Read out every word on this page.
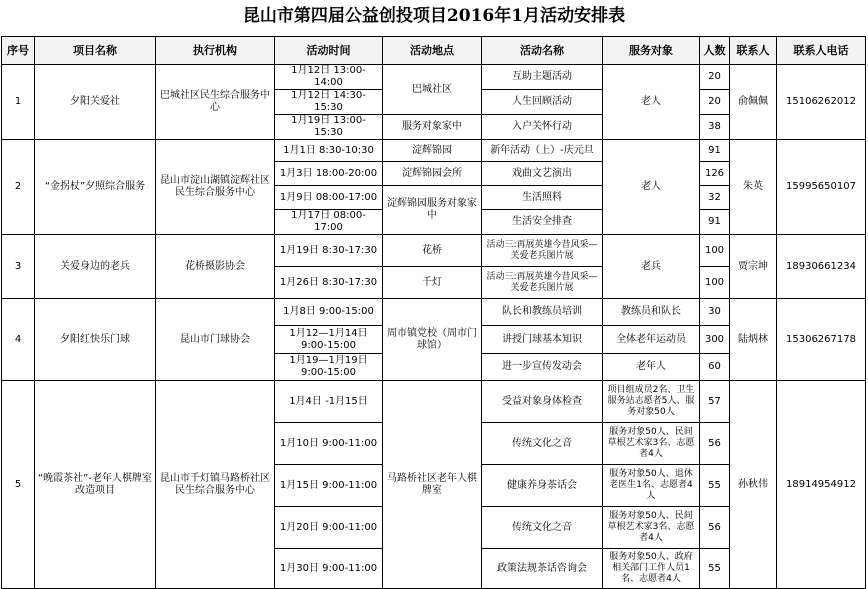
昆山市第四届公益创投项目2016年1月活动安排表
序号	项目名称	执行机构	活动时间	活动地点	活动名称	服务对象	人数	联系人	联系人电话
1	夕阳关爱社	巴城社区民生综合服务中心	1月12日 13:00-14:00	巴城社区	互助主题活动	老人	20	俞佩佩	15106262012
			1月12日 14:30-15:30		人生回顾活动		20		
			1月19日 13:00-15:30	服务对象家中	入户关怀行动		38		
2	“金拐杖”夕照综合服务	昆山市淀山湖镇淀辉社区民生综合服务中心	1月1日 8:30-10:30	淀辉锦园	新年活动（上）-庆元旦	老人	91	朱英	15995650107
			1月3日 18:00-20:00	淀辉锦园会所	戏曲文艺演出		126		
			1月9日 08:00-17:00	淀辉锦园服务对象家中	生活照料		32		
			1月17日 08:00-17:00		生活安全排查		91		
3	关爱身边的老兵	花桥摄影协会	1月19日 8:30-17:30	花桥	活动三:再展英雄今昔风采—关爱老兵图片展	老兵	100	贾宗坤	18930661234
			1月26日 8:30-17:30	千灯	活动三:再展英雄今昔风采—关爱老兵图片展		100		
4	夕阳红快乐门球	昆山市门球协会	1月8日 9:00-15:00	周市镇党校（周市门球馆）	队长和教练员培训	教练员和队长	30	陆炳林	15306267178
			1月12—1月14日 9:00-15:00		讲授门球基本知识	全体老年运动员	300		
			1月19—1月19日 9:00-15:00		进一步宣传发动会	老年人	60		
5	“晚霞茶社”-老年人棋牌室改造项目	昆山市千灯镇马路桥社区民生综合服务中心	1月4日 -1月15日	马路桥社区老年人棋牌室	受益对象身体检查	项目组成员2名、卫生服务站志愿者5人、服务对象50人	57	孙秋伟	18914954912
			1月10日 9:00-11:00		传统文化之音	服务对象50人、民间草根艺术家3名、志愿者4人	56		
			1月15日 9:00-11:00		健康养身茶话会	服务对象50人、退休老医生1名、志愿者4人	55		
			1月20日 9:00-11:00		传统文化之音	服务对象50人、民间草根艺术家3名、志愿者4人	56		
			1月30日 9:00-11:00		政策法规茶话咨询会	服务对象50人、政府相关部门工作人员1名、志愿者4人	55		
